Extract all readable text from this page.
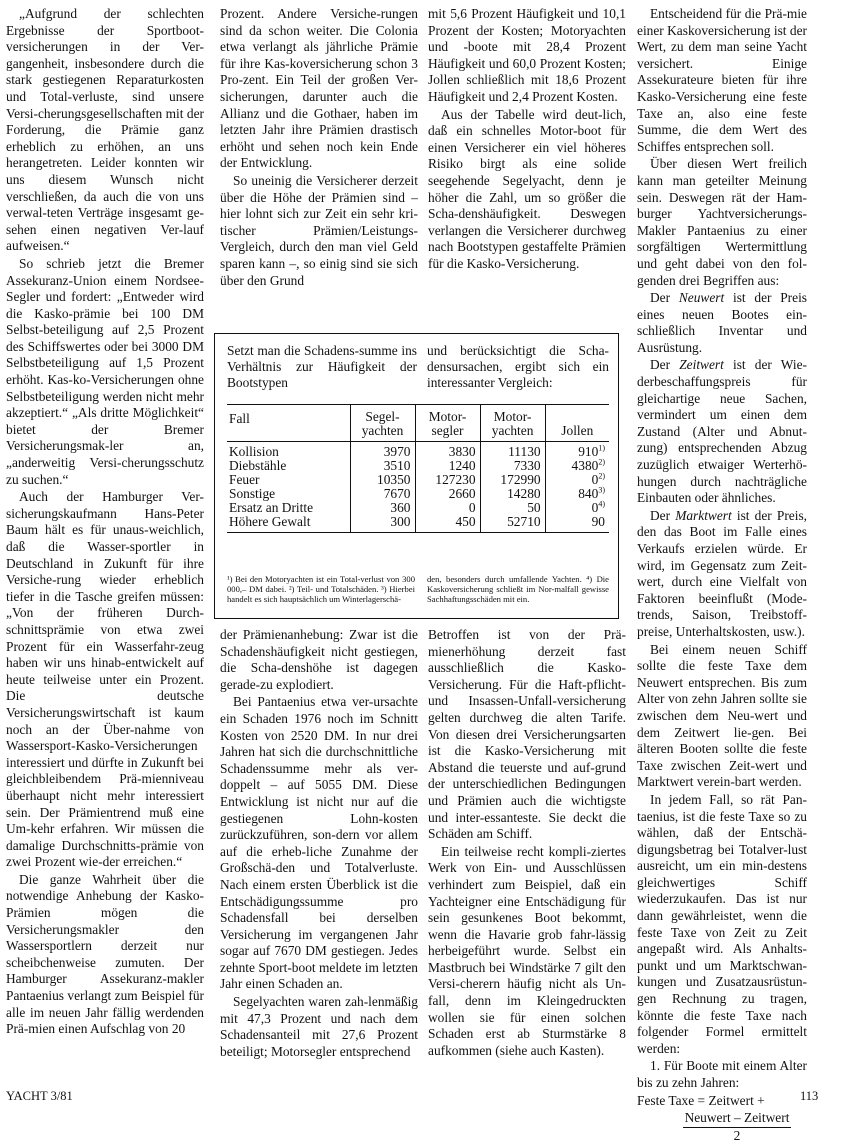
„Aufgrund der schlechten Ergebnisse der Sportboot-versicherungen in der Ver-gangenheit, insbesondere durch die stark gestiegenen Reparaturkosten und Total-verluste, sind unsere Versi-cherungsgesellschaften mit der Forderung, die Prämie ganz erheblich zu erhöhen, an uns herangetreten. Leider konnten wir uns diesem Wunsch nicht verschließen, da auch die von uns verwal-teten Verträge insgesamt ge-sehen einen negativen Ver-lauf aufweisen.“

So schrieb jetzt die Bremer Assekuranz-Union einem Nordsee-Segler und fordert: „Entweder wird die Kasko-prämie bei 100 DM Selbst-beteiligung auf 2,5 Prozent des Schiffswertes oder bei 3000 DM Selbstbeteiligung auf 1,5 Prozent erhöht. Kas-ko-Versicherungen ohne Selbstbeteiligung werden nicht mehr akzeptiert.“ „Als dritte Möglichkeit“ bietet der Bremer Versicherungsmak-ler an, „anderweitig Versi-cherungsschutz zu suchen.“

Auch der Hamburger Ver-sicherungskaufmann Hans-Peter Baum hält es für unaus-weichlich, daß die Wasser-sportler in Deutschland in Zukunft für ihre Versiche-rung wieder erheblich tiefer in die Tasche greifen müssen: „Von der früheren Durch-schnittsprämie von etwa zwei Prozent für ein Wasserfahr-zeug haben wir uns hinab-entwickelt auf heute teilweise unter ein Prozent. Die deutsche Versicherungswirtschaft ist kaum noch an der Über-nahme von Wassersport-Kasko-Versicherungen interessiert und dürfte in Zukunft bei gleichbleibendem Prä-mienniveau überhaupt nicht mehr interessiert sein. Der Prämientrend muß eine Um-kehr erfahren. Wir müssen die damalige Durchschnitts-prämie von zwei Prozent wie-der erreichen.“

Die ganze Wahrheit über die notwendige Anhebung der Kasko-Prämien mögen die Versicherungsmakler den Wassersportlern derzeit nur scheibchenweise zumuten. Der Hamburger Assekuranz-makler Pantaenius verlangt zum Beispiel für alle im neuen Jahr fällig werdenden Prä-mien einen Aufschlag von 20

Prozent. Andere Versiche-rungen sind da schon weiter. Die Colonia etwa verlangt als jährliche Prämie für ihre Kas-koversicherung schon 3 Pro-zent. Ein Teil der großen Ver-sicherungen, darunter auch die Allianz und die Gothaer, haben im letzten Jahr ihre Prämien drastisch erhöht und sehen noch kein Ende der Entwicklung.

So uneinig die Versicherer derzeit über die Höhe der Prämien sind – hier lohnt sich zur Zeit ein sehr kri-tischer Prämien/Leistungs-Vergleich, durch den man viel Geld sparen kann –, so einig sind sie sich über den Grund

mit 5,6 Prozent Häufigkeit und 10,1 Prozent der Kosten; Motoryachten und -boote mit 28,4 Prozent Häufigkeit und 60,0 Prozent Kosten; Jollen schließlich mit 18,6 Prozent Häufigkeit und 2,4 Prozent Kosten.

Aus der Tabelle wird deut-lich, daß ein schnelles Motor-boot für einen Versicherer ein viel höheres Risiko birgt als eine solide seegehende Segelyacht, denn je höher die Zahl, um so größer die Scha-denshäufigkeit. Deswegen verlangen die Versicherer durchweg nach Bootstypen gestaffelte Prämien für die Kasko-Versicherung.

Entscheidend für die Prä-mie einer Kaskoversicherung ist der Wert, zu dem man seine Yacht versichert. Einige Assekurateure bieten für ihre Kasko-Versicherung eine feste Taxe an, also eine feste Summe, die dem Wert des Schiffes entsprechen soll.

Über diesen Wert freilich kann man geteilter Meinung sein. Deswegen rät der Ham-burger Yachtversicherungs-Makler Pantaenius zu einer sorgfältigen Wertermittlung und geht dabei von den fol-genden drei Begriffen aus:

Der Neuwert ist der Preis eines neuen Bootes ein-schließlich Inventar und Ausrüstung.

Der Zeitwert ist der Wie-derbeschaffungspreis für gleichartige neue Sachen, vermindert um einen dem Zustand (Alter und Abnut-zung) entsprechenden Abzug zuzüglich etwaiger Werterhö-hungen durch nachträgliche Einbauten oder ähnliches.

Der Marktwert ist der Preis, den das Boot im Falle eines Verkaufs erzielen würde. Er wird, im Gegensatz zum Zeit-wert, durch eine Vielfalt von Faktoren beeinflußt (Mode-trends, Saison, Treibstoff-preise, Unterhaltskosten, usw.).

Bei einem neuen Schiff sollte die feste Taxe dem Neuwert entsprechen. Bis zum Alter von zehn Jahren sollte sie zwischen dem Neu-wert und dem Zeitwert lie-gen. Bei älteren Booten sollte die feste Taxe zwischen Zeit-wert und Marktwert verein-bart werden.

In jedem Fall, so rät Pan-taenius, ist die feste Taxe so zu wählen, daß der Entschä-digungsbetrag bei Totalver-lust ausreicht, um ein min-destens gleichwertiges Schiff wiederzukaufen. Das ist nur dann gewährleistet, wenn die feste Taxe von Zeit zu Zeit angepaßt wird. Als Anhalts-punkt und um Marktschwan-kungen und Zusatzausrüstun-gen Rechnung zu tragen, könnte die feste Taxe nach folgender Formel ermittelt werden:

1. Für Boote mit einem Alter bis zu zehn Jahren:

Feste Taxe = Zeitwert +

Neuwert – Zeitwert
2
Setzt man die Schadens-summe ins Verhältnis zur Häufigkeit der Bootstypen
und berücksichtigt die Scha-densursachen, ergibt sich ein interessanter Vergleich:
Fall	Segel-yachten	Motor-segler	Motor-yachten	Jollen
Kollision	3970	3830	11130	910$^{1)}$
Diebstähle	3510	1240	7330	4380$^{2)}$
Feuer	10350	127230	172990	0$^{2)}$
Sonstige	7670	2660	14280	840$^{3)}$
Ersatz an Dritte	360	0	50	0$^{4)}$
Höhere Gewalt	300	450	52710	90
¹) Bei den Motoryachten ist ein Total-verlust von 300 000,– DM dabei. ²) Teil- und Totalschäden. ³) Hierbei handelt es sich hauptsächlich um Winterlagerschä-
den, besonders durch umfallende Yachten. ⁴) Die Kaskoversicherung schließt im Nor-malfall gewisse Sachhaftungsschäden mit ein.

der Prämienanhebung: Zwar ist die Schadenshäufigkeit nicht gestiegen, die Scha-denshöhe ist dagegen gerade-zu explodiert.

Bei Pantaenius etwa ver-ursachte ein Schaden 1976 noch im Schnitt Kosten von 2520 DM. In nur drei Jahren hat sich die durchschnittliche Schadenssumme mehr als ver-doppelt – auf 5055 DM. Diese Entwicklung ist nicht nur auf die gestiegenen Lohn-kosten zurückzuführen, son-dern vor allem auf die erheb-liche Zunahme der Großschä-den und Totalverluste. Nach einem ersten Überblick ist die Entschädigungssumme pro Schadensfall bei derselben Versicherung im vergangenen Jahr sogar auf 7670 DM gestiegen. Jedes zehnte Sport-boot meldete im letzten Jahr einen Schaden an.

Segelyachten waren zah-lenmäßig mit 47,3 Prozent und nach dem Schadensanteil mit 27,6 Prozent beteiligt; Motorsegler entsprechend

Betroffen ist von der Prä-mienerhöhung derzeit fast ausschließlich die Kasko-Versicherung. Für die Haft-pflicht- und Insassen-Unfall-versicherung gelten durchweg die alten Tarife. Von diesen drei Versicherungsarten ist die Kasko-Versicherung mit Abstand die teuerste und auf-grund der unterschiedlichen Bedingungen und Prämien auch die wichtigste und inter-essanteste. Sie deckt die Schäden am Schiff.

Ein teilweise recht kompli-ziertes Werk von Ein- und Ausschlüssen verhindert zum Beispiel, daß ein Yachteigner eine Entschädigung für sein gesunkenes Boot bekommt, wenn die Havarie grob fahr-lässig herbeigeführt wurde. Selbst ein Mastbruch bei Windstärke 7 gilt den Versi-cherern häufig nicht als Un-fall, denn im Kleingedruckten wollen sie für einen solchen Schaden erst ab Sturmstärke 8 aufkommen (siehe auch Kasten).

YACHT 3/81	113
